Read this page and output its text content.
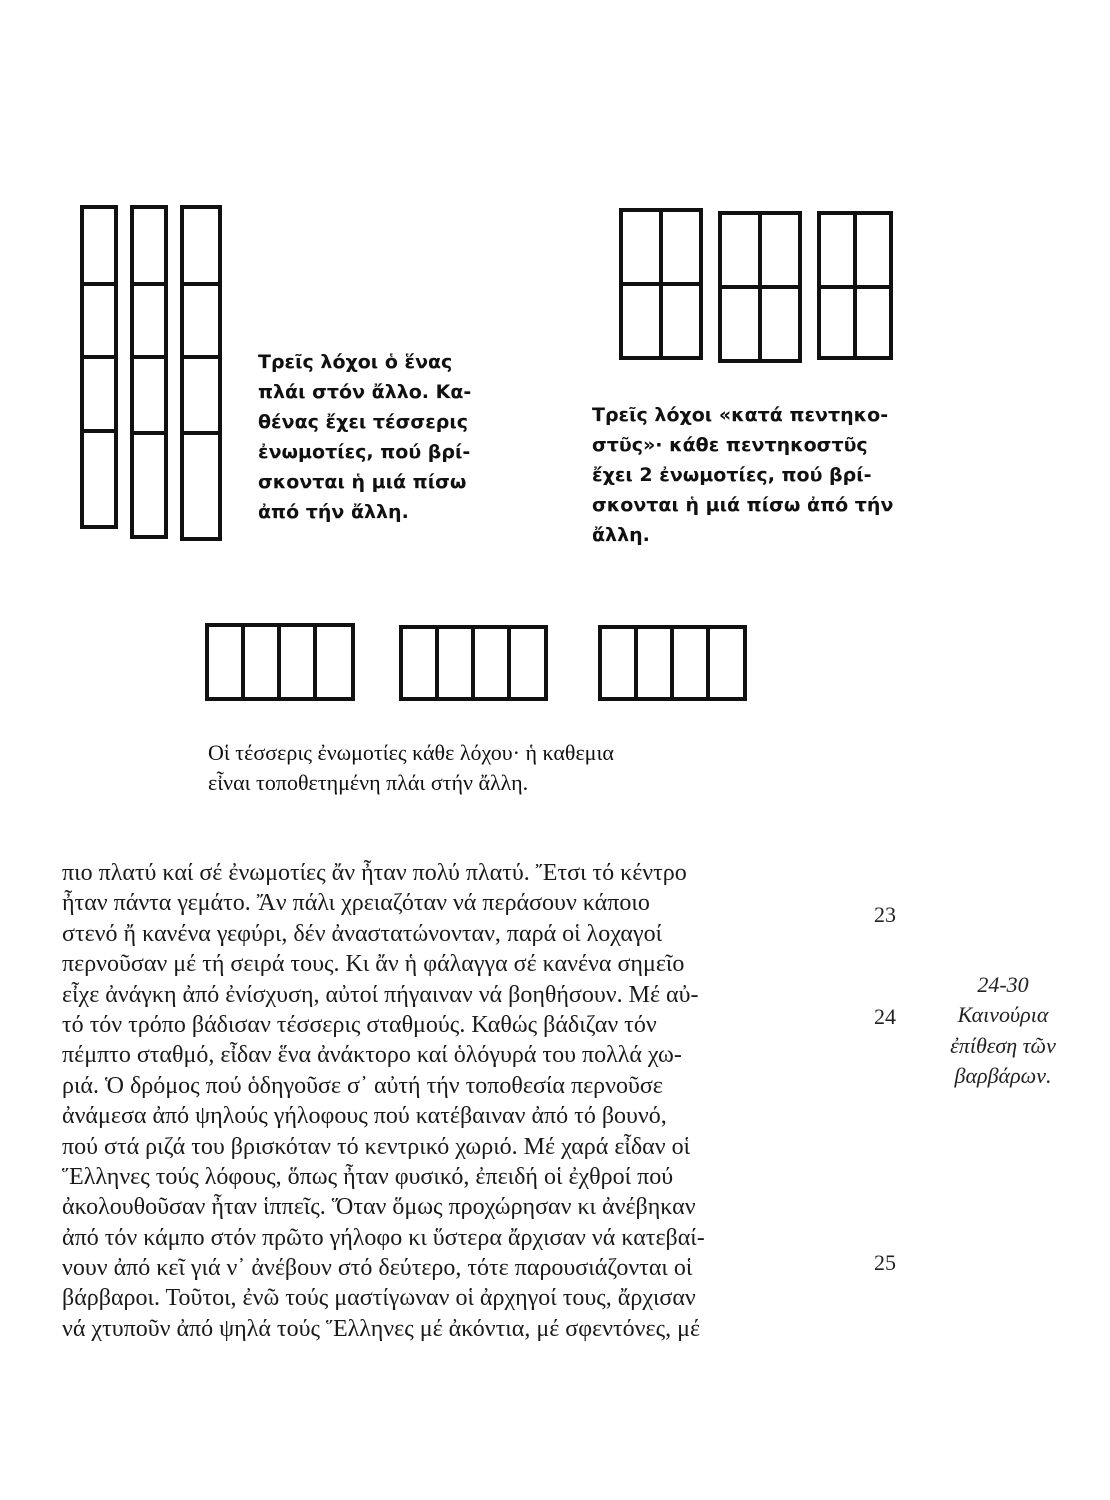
Τρεῖς λόχοι ὁ ἕνας
πλάι στόν ἄλλο. Κα-
θένας ἔχει τέσσερις
ἐνωμοτίες, πού βρί-
σκονται ἡ μιά πίσω
ἀπό τήν ἄλλη.
Τρεῖς λόχοι «κατά πεντηκο-
στῦς»· κάθε πεντηκοστῦς
ἔχει 2 ἐνωμοτίες, πού βρί-
σκονται ἡ μιά πίσω ἀπό τήν
ἄλλη.
Οἱ τέσσερις ἐνωμοτίες κάθε λόχου· ἡ καθεμια
εἶναι τοποθετημένη πλάι στήν ἄλλη.
πιο πλατύ καί σέ ἐνωμοτίες ἄν ἦταν πολύ πλατύ. Ἔτσι τό κέντρο
ἦταν πάντα γεμάτο. Ἄν πάλι χρειαζόταν νά περάσουν κάποιο
στενό ἤ κανένα γεφύρι, δέν ἀναστατώνονταν, παρά οἱ λοχαγοί
περνοῦσαν μέ τή σειρά τους. Κι ἄν ἡ φάλαγγα σέ κανένα σημεῖο
εἶχε ἀνάγκη ἀπό ἐνίσχυση, αὐτοί πήγαιναν νά βοηθήσουν. Μέ αὐ-
τό τόν τρόπο βάδισαν τέσσερις σταθμούς. Καθώς βάδιζαν τόν
πέμπτο σταθμό, εἶδαν ἕνα ἀνάκτορο καί ὁλόγυρά του πολλά χω-
ριά. Ὁ δρόμος πού ὁδηγοῦσε σ᾽ αὐτή τήν τοποθεσία περνοῦσε
ἀνάμεσα ἀπό ψηλούς γήλοφους πού κατέβαιναν ἀπό τό βουνό,
πού στά ριζά του βρισκόταν τό κεντρικό χωριό. Μέ χαρά εἶδαν οἱ
Ἕλληνες τούς λόφους, ὅπως ἦταν φυσικό, ἐπειδή οἱ ἐχθροί πού
ἀκολουθοῦσαν ἦταν ἱππεῖς. Ὅταν ὅμως προχώρησαν κι ἀνέβηκαν
ἀπό τόν κάμπο στόν πρῶτο γήλοφο κι ὕστερα ἄρχισαν νά κατεβαί-
νουν ἀπό κεῖ γιά ν᾽ ἀνέβουν στό δεύτερο, τότε παρουσιάζονται οἱ
βάρβαροι. Τοῦτοι, ἐνῶ τούς μαστίγωναν οἱ ἀρχηγοί τους, ἄρχισαν
νά χτυποῦν ἀπό ψηλά τούς Ἕλληνες μέ ἀκόντια, μέ σφεντόνες, μέ
23
24
25
24-30
Καινούρια
ἐπίθεση τῶν
βαρβάρων.
